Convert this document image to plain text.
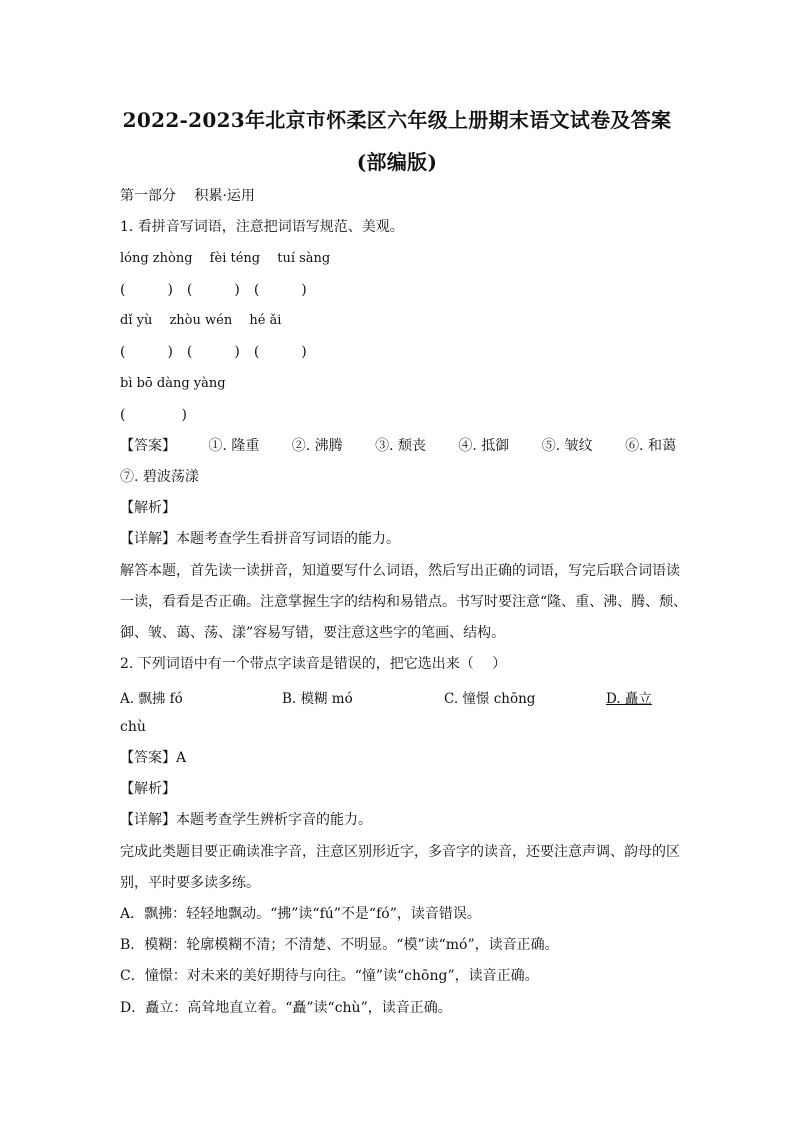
2022-2023年北京市怀柔区六年级上册期末语文试卷及答案
(部编版)
第一部分　 积累·运用
1. 看拼音写词语，注意把词语写规范、美观。
lóng zhòng　 fèi téng　 tuí sàng
(　　　)　(　　　)　(　　　)
dǐ yù　 zhòu wén　 hé ǎi
(　　　)　(　　　)　(　　　)
bì bō dàng yàng
(　　　　)
【答案】 ①. 隆重 ②. 沸腾 ③. 颓丧 ④. 抵御 ⑤. 皱纹 ⑥. 和蔼
⑦. 碧波荡漾
【解析】
【详解】本题考查学生看拼音写词语的能力。
解答本题，首先读一读拼音，知道要写什么词语，然后写出正确的词语，写完后联合词语读
一读，看看是否正确。注意掌握生字的结构和易错点。书写时要注意“隆、重、沸、腾、颓、
御、皱、蔼、荡、漾”容易写错，要注意这些字的笔画、结构。
2. 下列词语中有一个带点字读音是错误的，把它选出来（　 ）
A. 飘拂 fó	B. 模糊 mó	C. 憧憬 chōng	D. 矗立
chù
【答案】A
【解析】
【详解】本题考查学生辨析字音的能力。
完成此类题目要正确读准字音，注意区别形近字，多音字的读音，还要注意声调、韵母的区
别，平时要多读多练。
A．飘拂：轻轻地飘动。“拂”读“fú”不是“fó”，读音错误。
B．模糊：轮廓模糊不清；不清楚、不明显。“模”读“mó”，读音正确。
C．憧憬：对未来的美好期待与向往。“憧”读“chōng”，读音正确。
D．矗立：高耸地直立着。“矗”读“chù”，读音正确。
